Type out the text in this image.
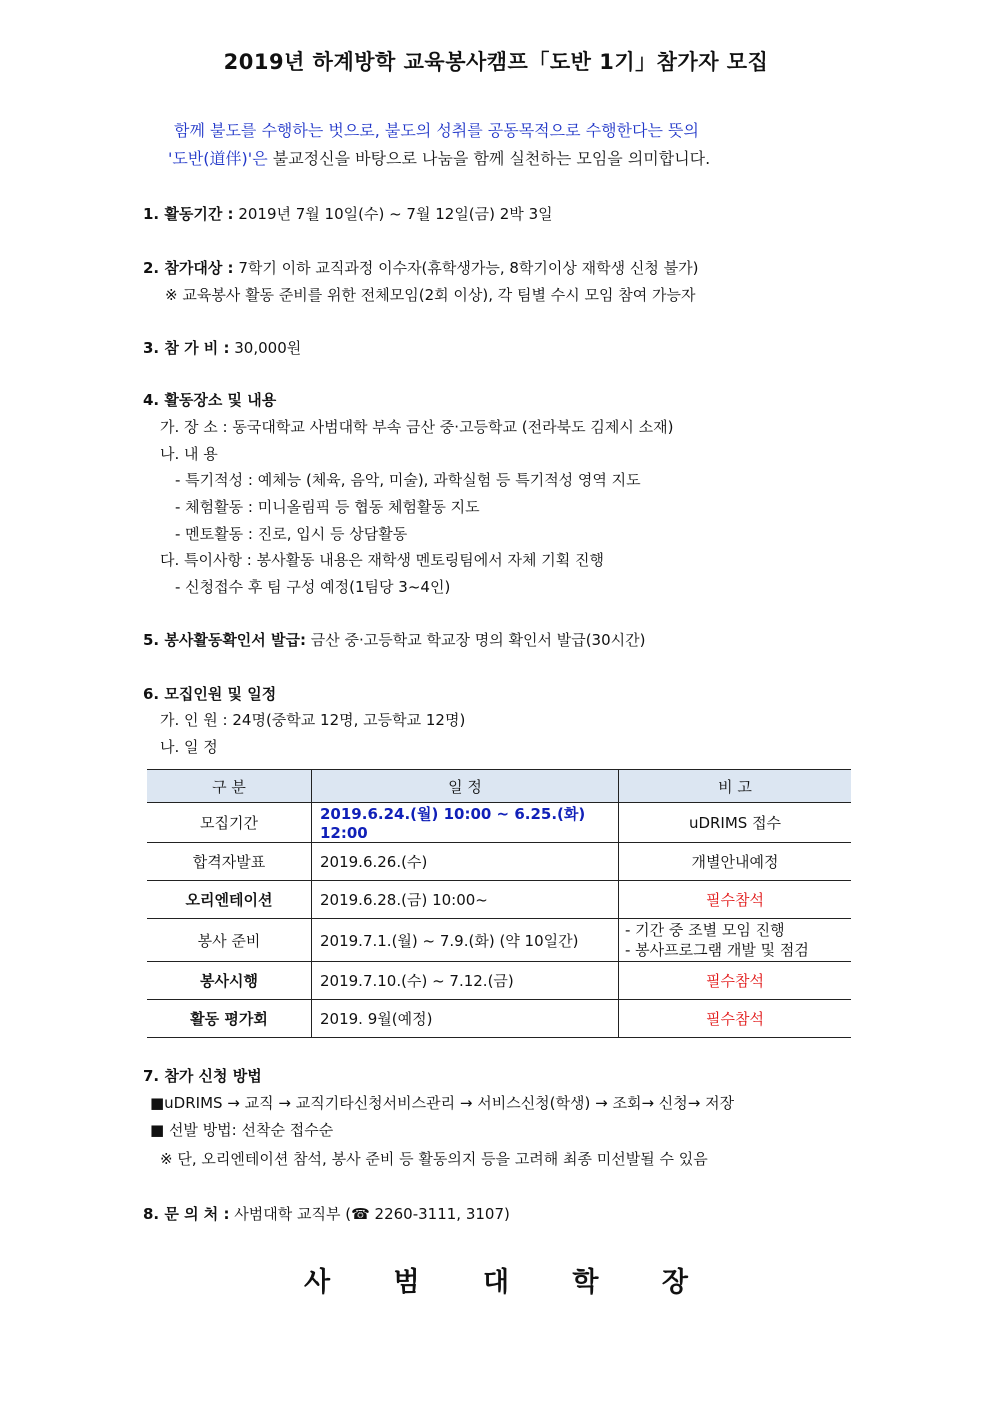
2019년 하계방학 교육봉사캠프「도반 1기」참가자 모집
함께 불도를 수행하는 벗으로, 불도의 성취를 공동목적으로 수행한다는 뜻의
'도반(道伴)'은 불교정신을 바탕으로 나눔을 함께 실천하는 모임을 의미합니다.
1. 활동기간 : 2019년 7월 10일(수) ~ 7월 12일(금) 2박 3일
2. 참가대상 : 7학기 이하 교직과정 이수자(휴학생가능, 8학기이상 재학생 신청 불가)
※ 교육봉사 활동 준비를 위한 전체모임(2회 이상), 각 팀별 수시 모임 참여 가능자
3. 참 가 비 : 30,000원
4. 활동장소 및 내용
가. 장 소 : 동국대학교 사범대학 부속 금산 중·고등학교 (전라북도 김제시 소재)
나. 내 용
- 특기적성 : 예체능 (체육, 음악, 미술), 과학실험 등 특기적성 영역 지도
- 체험활동 : 미니올림픽 등 협동 체험활동 지도
- 멘토활동 : 진로, 입시 등 상담활동
다. 특이사항 : 봉사활동 내용은 재학생 멘토링팀에서 자체 기획 진행
- 신청접수 후 팀 구성 예정(1팀당 3~4인)
5. 봉사활동확인서 발급: 금산 중·고등학교 학교장 명의 확인서 발급(30시간)
6. 모집인원 및 일정
가. 인 원 : 24명(중학교 12명, 고등학교 12명)
나. 일 정
구 분	일 정	비 고
모집기간	2019.6.24.(월) 10:00 ~ 6.25.(화) 12:00	uDRIMS 접수
합격자발표	2019.6.26.(수)	개별안내예정
오리엔테이션	2019.6.28.(금) 10:00~	필수참석
봉사 준비	2019.7.1.(월) ~ 7.9.(화) (약 10일간)	- 기간 중 조별 모임 진행
- 봉사프로그램 개발 및 점검

봉사시행	2019.7.10.(수) ~ 7.12.(금)	필수참석
활동 평가회	2019. 9월(예정)	필수참석
7. 참가 신청 방법
■uDRIMS → 교직 → 교직기타신청서비스관리 → 서비스신청(학생) → 조회→ 신청→ 저장
■ 선발 방법: 선착순 접수순
※ 단, 오리엔테이션 참석, 봉사 준비 등 활동의지 등을 고려해 최종 미선발될 수 있음
8. 문 의 처 : 사범대학 교직부 (☎ 2260-3111, 3107)
사 범 대 학 장
